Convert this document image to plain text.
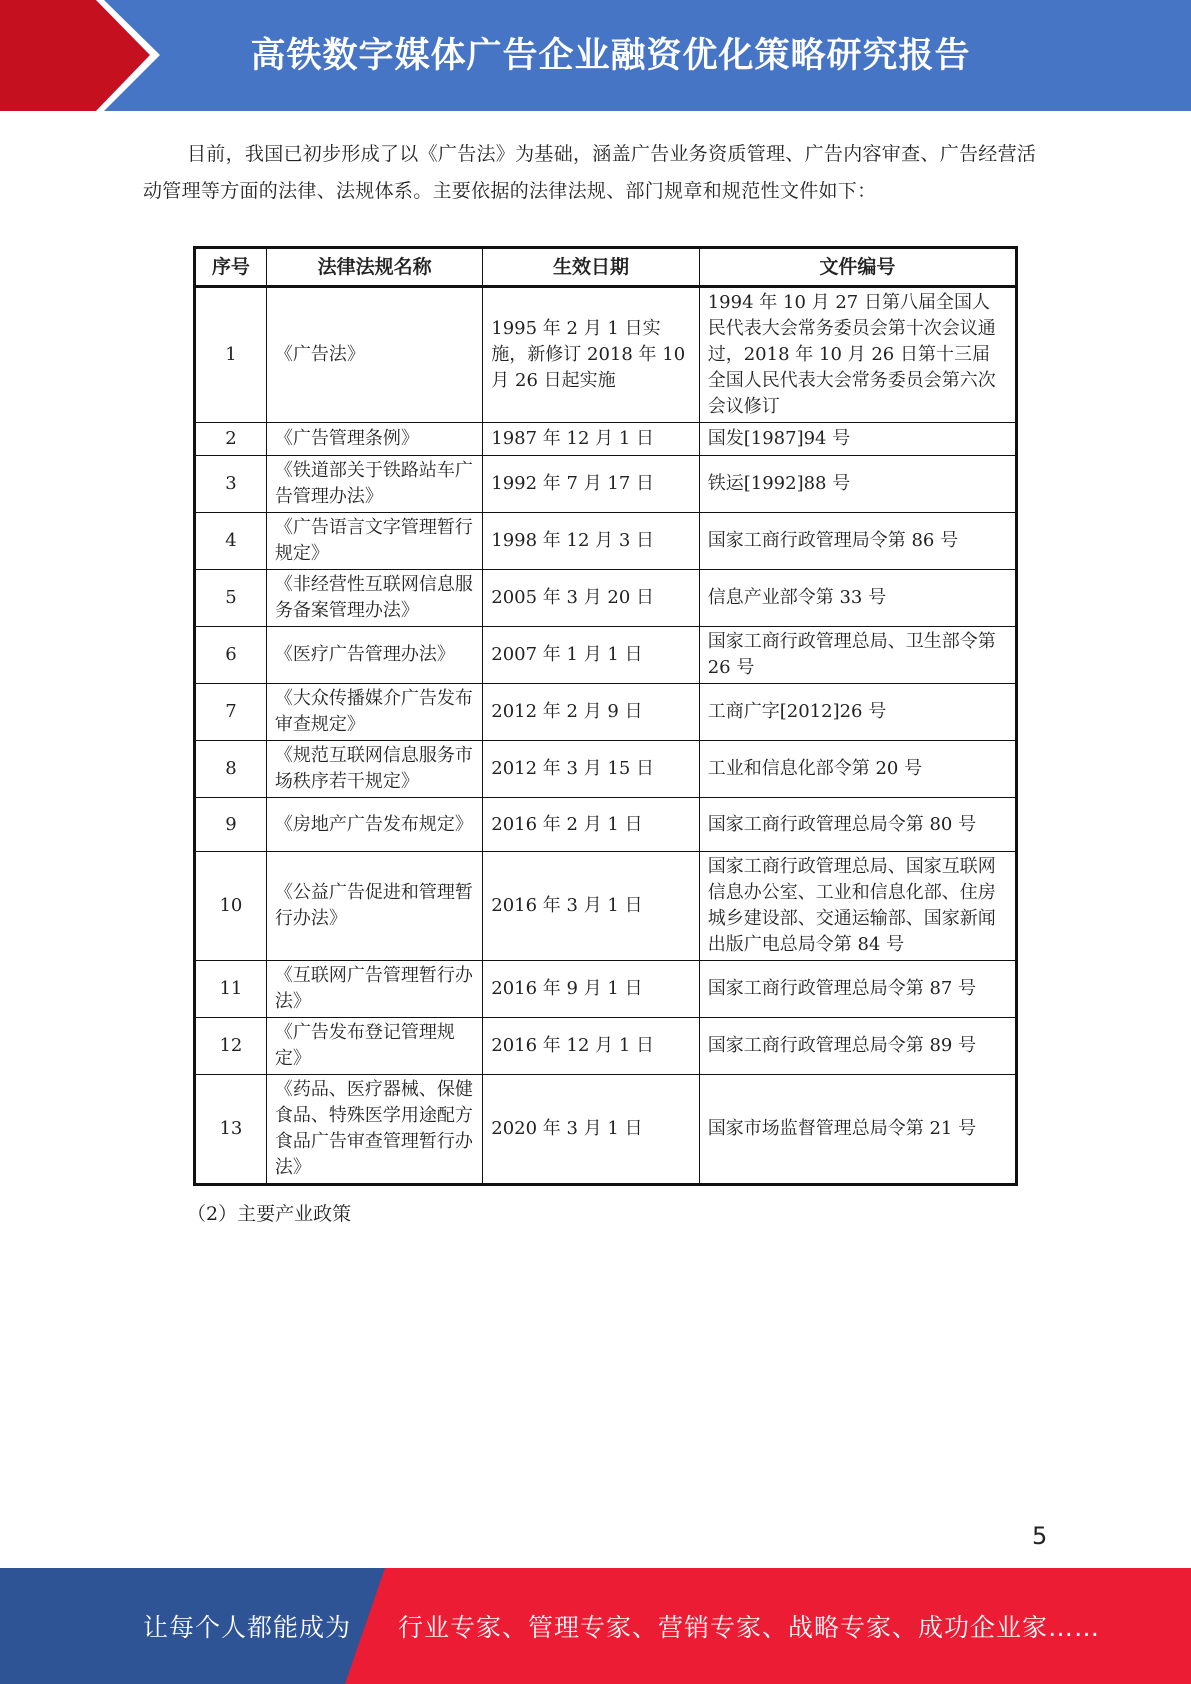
高铁数字媒体广告企业融资优化策略研究报告
目前，我国已初步形成了以《广告法》为基础，涵盖广告业务资质管理、广告内容审查、广告经营活动管理等方面的法律、法规体系。主要依据的法律法规、部门规章和规范性文件如下：
序号	法律法规名称	生效日期	文件编号
1	《广告法》	1995 年 2 月 1 日实施，新修订 2018 年 10 月 26 日起实施	1994 年 10 月 27 日第八届全国人民代表大会常务委员会第十次会议通过，2018 年 10 月 26 日第十三届全国人民代表大会常务委员会第六次会议修订
2	《广告管理条例》	1987 年 12 月 1 日	国发[1987]94 号
3	《铁道部关于铁路站车广告管理办法》	1992 年 7 月 17 日	铁运[1992]88 号
4	《广告语言文字管理暂行规定》	1998 年 12 月 3 日	国家工商行政管理局令第 86 号
5	《非经营性互联网信息服务备案管理办法》	2005 年 3 月 20 日	信息产业部令第 33 号
6	《医疗广告管理办法》	2007 年 1 月 1 日	国家工商行政管理总局、卫生部令第 26 号
7	《大众传播媒介广告发布审查规定》	2012 年 2 月 9 日	工商广字[2012]26 号
8	《规范互联网信息服务市场秩序若干规定》	2012 年 3 月 15 日	工业和信息化部令第 20 号
9	《房地产广告发布规定》	2016 年 2 月 1 日	国家工商行政管理总局令第 80 号
10	《公益广告促进和管理暂行办法》	2016 年 3 月 1 日	国家工商行政管理总局、国家互联网信息办公室、工业和信息化部、住房城乡建设部、交通运输部、国家新闻出版广电总局令第 84 号
11	《互联网广告管理暂行办法》	2016 年 9 月 1 日	国家工商行政管理总局令第 87 号
12	《广告发布登记管理规定》	2016 年 12 月 1 日	国家工商行政管理总局令第 89 号
13	《药品、医疗器械、保健食品、特殊医学用途配方食品广告审查管理暂行办法》	2020 年 3 月 1 日	国家市场监督管理总局令第 21 号
（2）主要产业政策
5
让每个人都能成为 行业专家、管理专家、营销专家、战略专家、成功企业家……
